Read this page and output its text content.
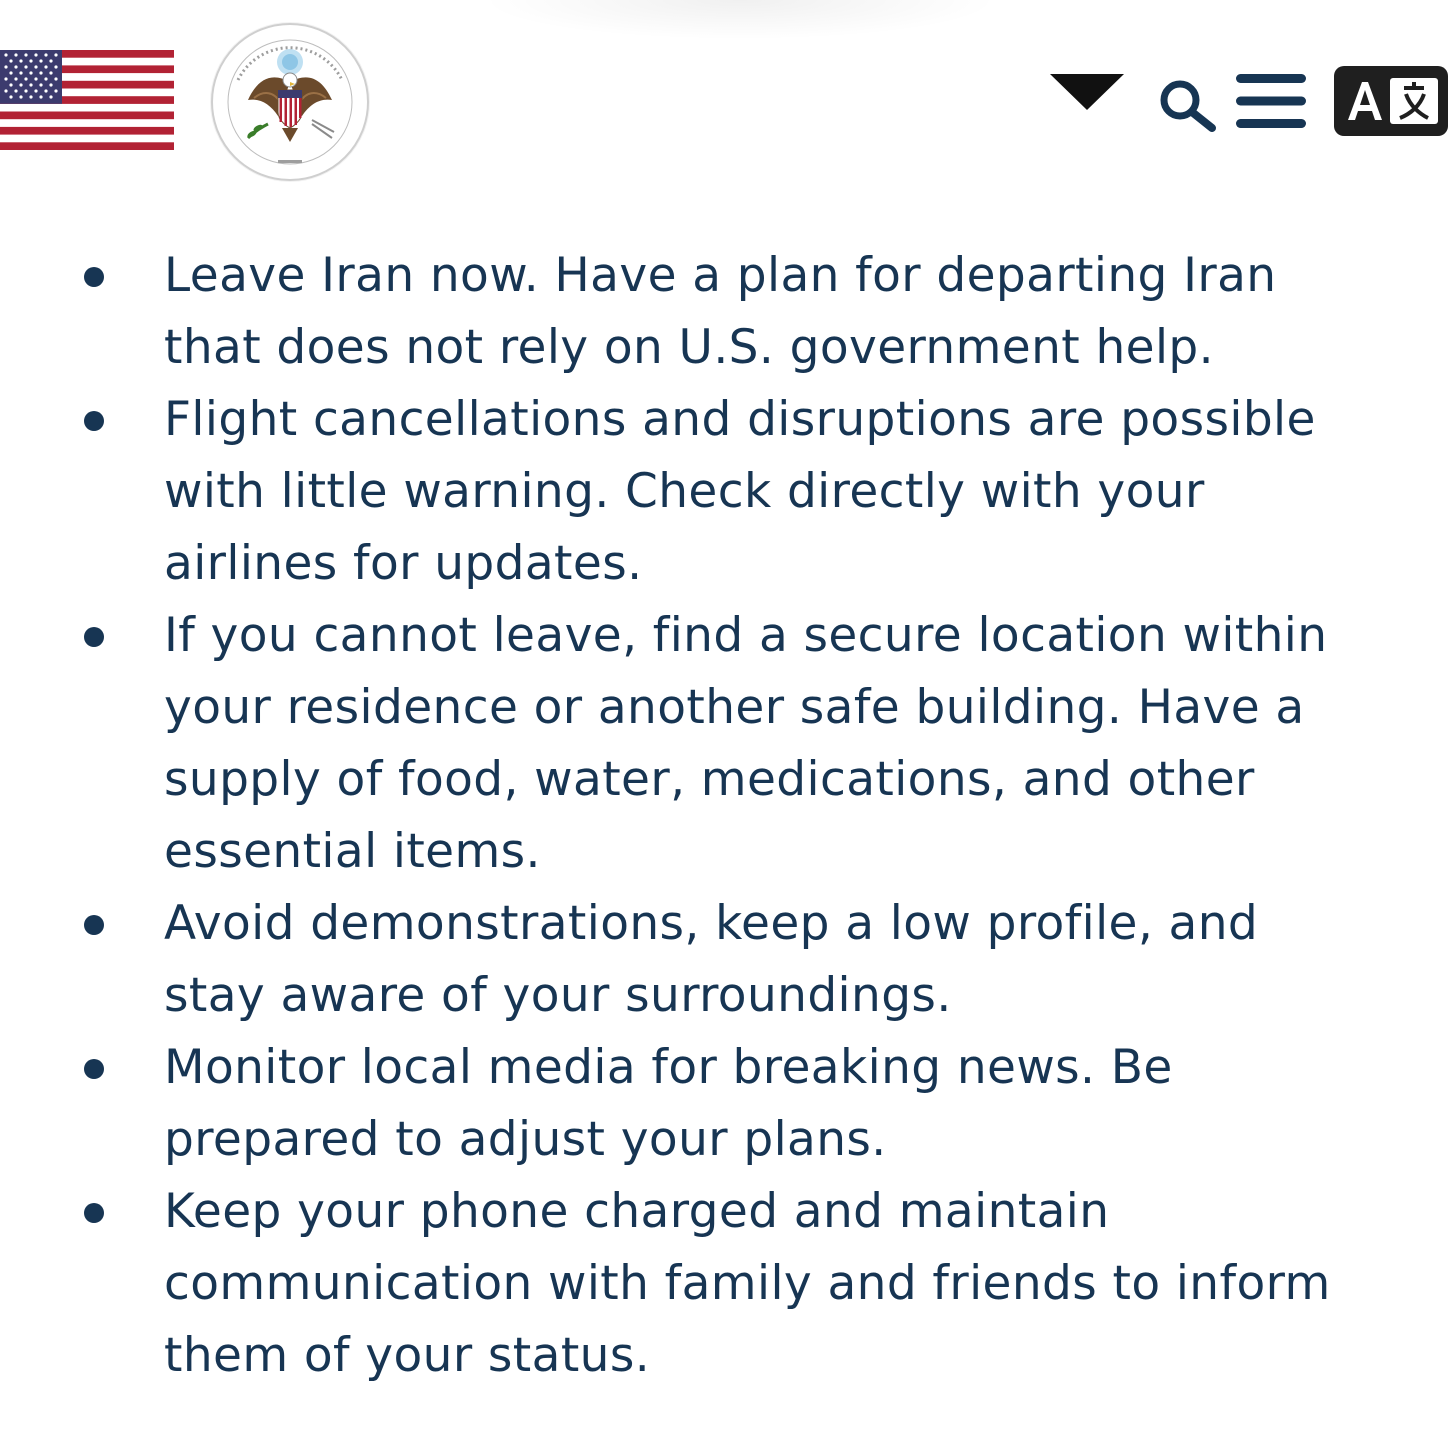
Leave Iran now. Have a plan for departing Iran that does not rely on U.S. government help.
Flight cancellations and disruptions are possible with little warning. Check directly with your airlines for updates.
If you cannot leave, find a secure location within your residence or another safe building. Have a supply of food, water, medications, and other essential items.
Avoid demonstrations, keep a low profile, and stay aware of your surroundings.
Monitor local media for breaking news. Be prepared to adjust your plans.
Keep your phone charged and maintain communication with family and friends to inform them of your status.
